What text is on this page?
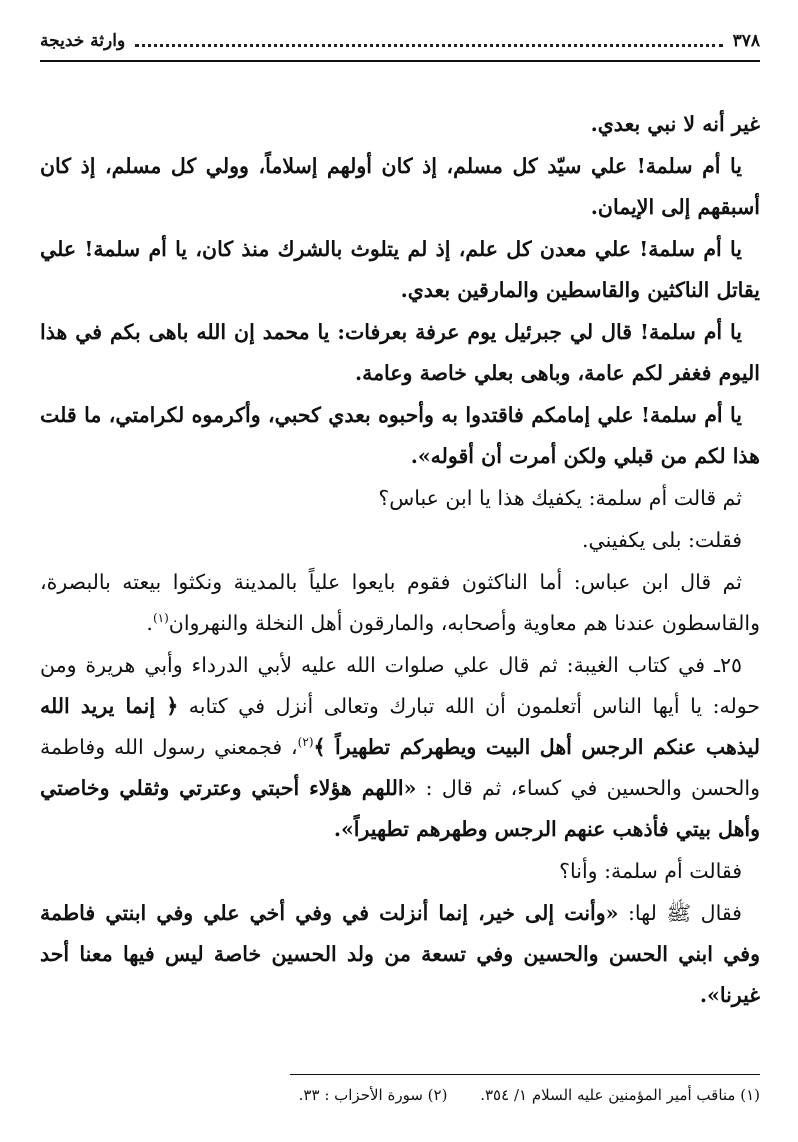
٣٧٨
وارثة خديجة

غير أنه لا نبي بعدي.

يا أم سلمة! علي سيّد كل مسلم، إذ كان أولهم إسلاماً، وولي كل مسلم، إذ كان أسبقهم إلى الإيمان.

يا أم سلمة! علي معدن كل علم، إذ لم يتلوث بالشرك منذ كان، يا أم سلمة! علي يقاتل الناكثين والقاسطين والمارقين بعدي.

يا أم سلمة! قال لي جبرئيل يوم عرفة بعرفات: يا محمد إن الله باهى بكم في هذا اليوم فغفر لكم عامة، وباهى بعلي خاصة وعامة.

يا أم سلمة! علي إمامكم فاقتدوا به وأحبوه بعدي كحبي، وأكرموه لكرامتي، ما قلت هذا لكم من قبلي ولكن أمرت أن أقوله».

ثم قالت أم سلمة: يكفيك هذا يا ابن عباس؟

فقلت: بلى يكفيني.

ثم قال ابن عباس: أما الناكثون فقوم بايعوا علياً بالمدينة ونكثوا بيعته بالبصرة، والقاسطون عندنا هم معاوية وأصحابه، والمارقون أهل النخلة والنهروان$^{(١)}$.

٢٥ـ في كتاب الغيبة: ثم قال علي صلوات الله عليه لأبي الدرداء وأبي هريرة ومن حوله: يا أيها الناس أتعلمون أن الله تبارك وتعالى أنزل في كتابه ﴿ إنما يريد الله ليذهب عنكم الرجس أهل البيت ويطهركم تطهيراً ﴾$^{(٢)}$، فجمعني رسول الله وفاطمة والحسن والحسين في كساء، ثم قال : «اللهم هؤلاء أحبتي وعترتي وثقلي وخاصتي وأهل بيتي فأذهب عنهم الرجس وطهرهم تطهيراً».

فقالت أم سلمة: وأنا؟

فقال ﷺ لها: «وأنت إلى خير، إنما أنزلت في وفي أخي علي وفي ابنتي فاطمة وفي ابني الحسن والحسين وفي تسعة من ولد الحسين خاصة ليس فيها معنا أحد غيرنا».

(١) مناقب أمير المؤمنين عليه السلام ١/ ٣٥٤. (٢) سورة الأحزاب : ٣٣.
